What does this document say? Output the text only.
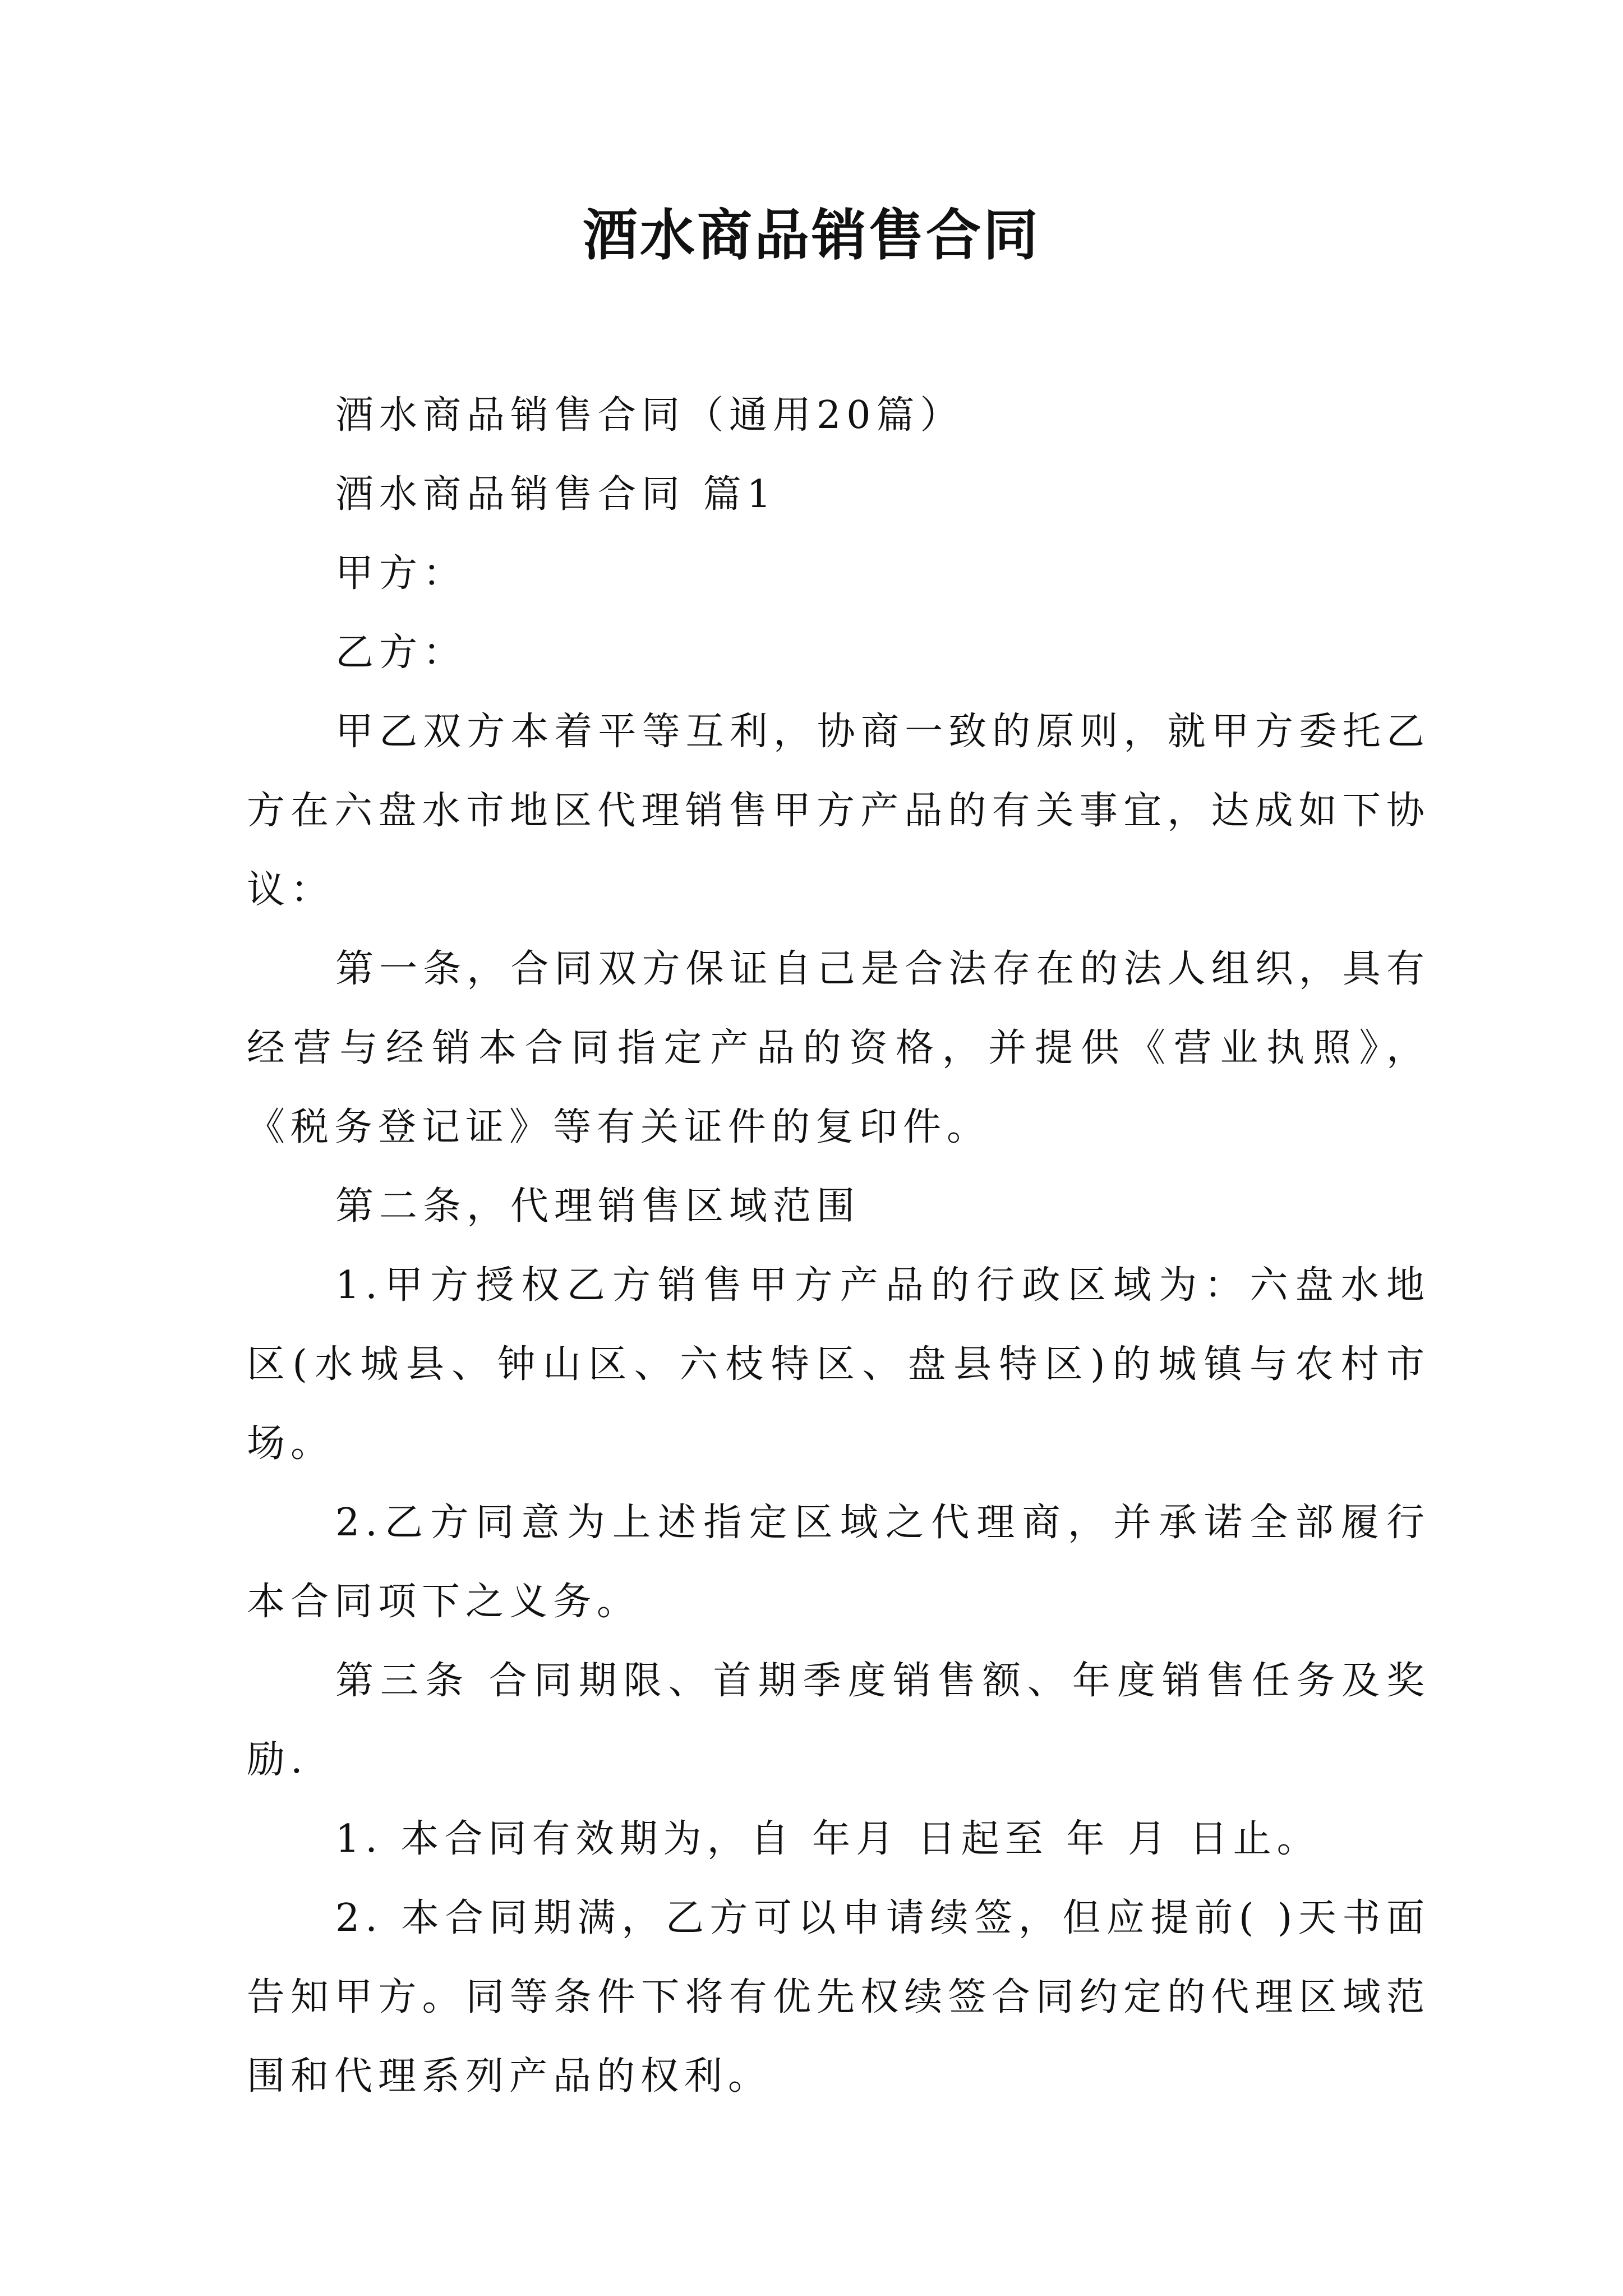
酒水商品销售合同

酒水商品销售合同（通用20篇）

酒水商品销售合同 篇1

甲方：

乙方：

甲乙双方本着平等互利，协商一致的原则，就甲方委托乙方在六盘水市地区代理销售甲方产品的有关事宜，达成如下协议：

第一条，合同双方保证自己是合法存在的法人组织，具有经营与经销本合同指定产品的资格，并提供《营业执照》，《税务登记证》等有关证件的复印件。

第二条，代理销售区域范围

1.甲方授权乙方销售甲方产品的行政区域为：六盘水地区(水城县、钟山区、六枝特区、盘县特区)的城镇与农村市场。

2.乙方同意为上述指定区域之代理商，并承诺全部履行本合同项下之义务。

第三条 合同期限、首期季度销售额、年度销售任务及奖励.

1. 本合同有效期为，自 年月 日起至 年 月 日止。

2. 本合同期满，乙方可以申请续签，但应提前( )天书面告知甲方。同等条件下将有优先权续签合同约定的代理区域范围和代理系列产品的权利。
